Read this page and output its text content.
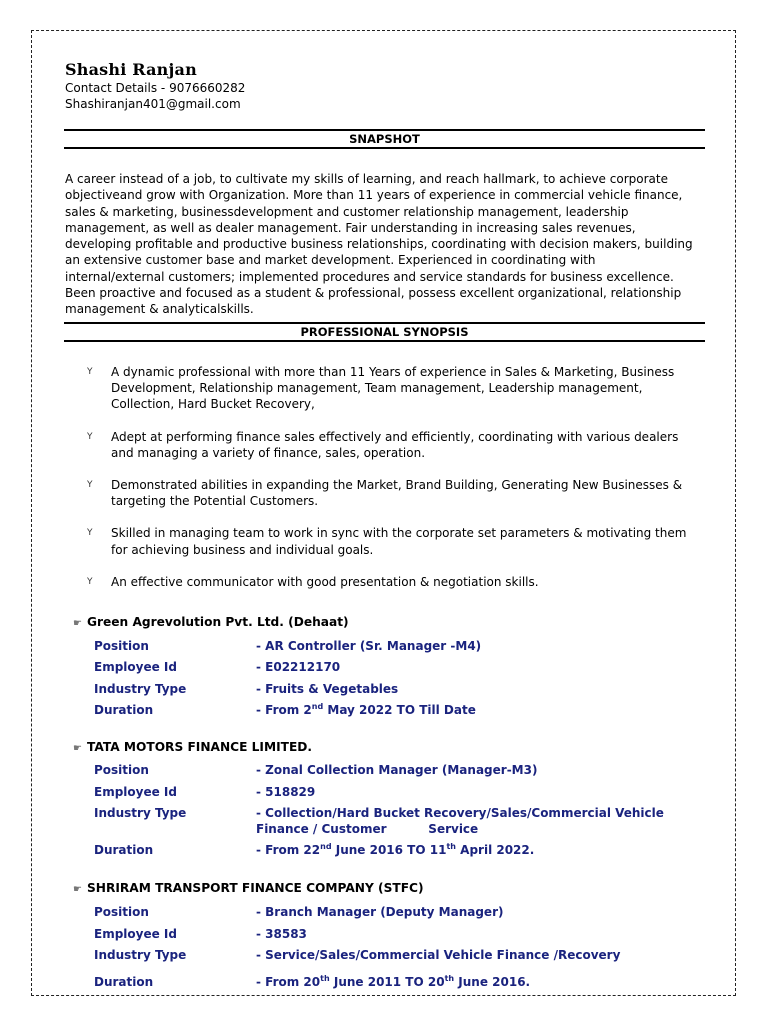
Shashi Ranjan
Contact Details - 9076660282
Shashiranjan401@gmail.com
SNAPSHOT
A career instead of a job, to cultivate my skills of learning, and reach hallmark, to achieve corporate objectiveand grow with Organization. More than 11 years of experience in commercial vehicle finance, sales & marketing, businessdevelopment and customer relationship management, leadership management, as well as dealer management. Fair understanding in increasing sales revenues, developing profitable and productive business relationships, coordinating with decision makers, building an extensive customer base and market development. Experienced in coordinating with internal/external customers; implemented procedures and service standards for business excellence. Been proactive and focused as a student & professional, possess excellent organizational, relationship management & analyticalskills.
PROFESSIONAL SYNOPSIS
Υ A dynamic professional with more than 11 Years of experience in Sales & Marketing, Business Development, Relationship management, Team management, Leadership management, Collection, Hard Bucket Recovery,
Υ Adept at performing finance sales effectively and efficiently, coordinating with various dealers and managing a variety of finance, sales, operation.
Υ Demonstrated abilities in expanding the Market, Brand Building, Generating New Businesses & targeting the Potential Customers.
Υ Skilled in managing team to work in sync with the corporate set parameters & motivating them for achieving business and individual goals.
Υ An effective communicator with good presentation & negotiation skills.
☛ Green Agrevolution Pvt. Ltd. (Dehaat)
Position	- AR Controller (Sr. Manager -M4)
Employee Id	- E02212170
Industry Type	- Fruits & Vegetables
Duration	- From 2nd May 2022 TO Till Date
☛ TATA MOTORS FINANCE LIMITED.
Position	- Zonal Collection Manager (Manager-M3)
Employee Id	- 518829
Industry Type	- Collection/Hard Bucket Recovery/Sales/Commercial Vehicle Finance / Customer          Service
Duration	- From 22nd June 2016 TO 11th April 2022.
☛ SHRIRAM TRANSPORT FINANCE COMPANY (STFC)
Position	- Branch Manager (Deputy Manager)
Employee Id	- 38583
Industry Type	- Service/Sales/Commercial Vehicle Finance /Recovery
Duration	- From 20th June 2011 TO 20th June 2016.
